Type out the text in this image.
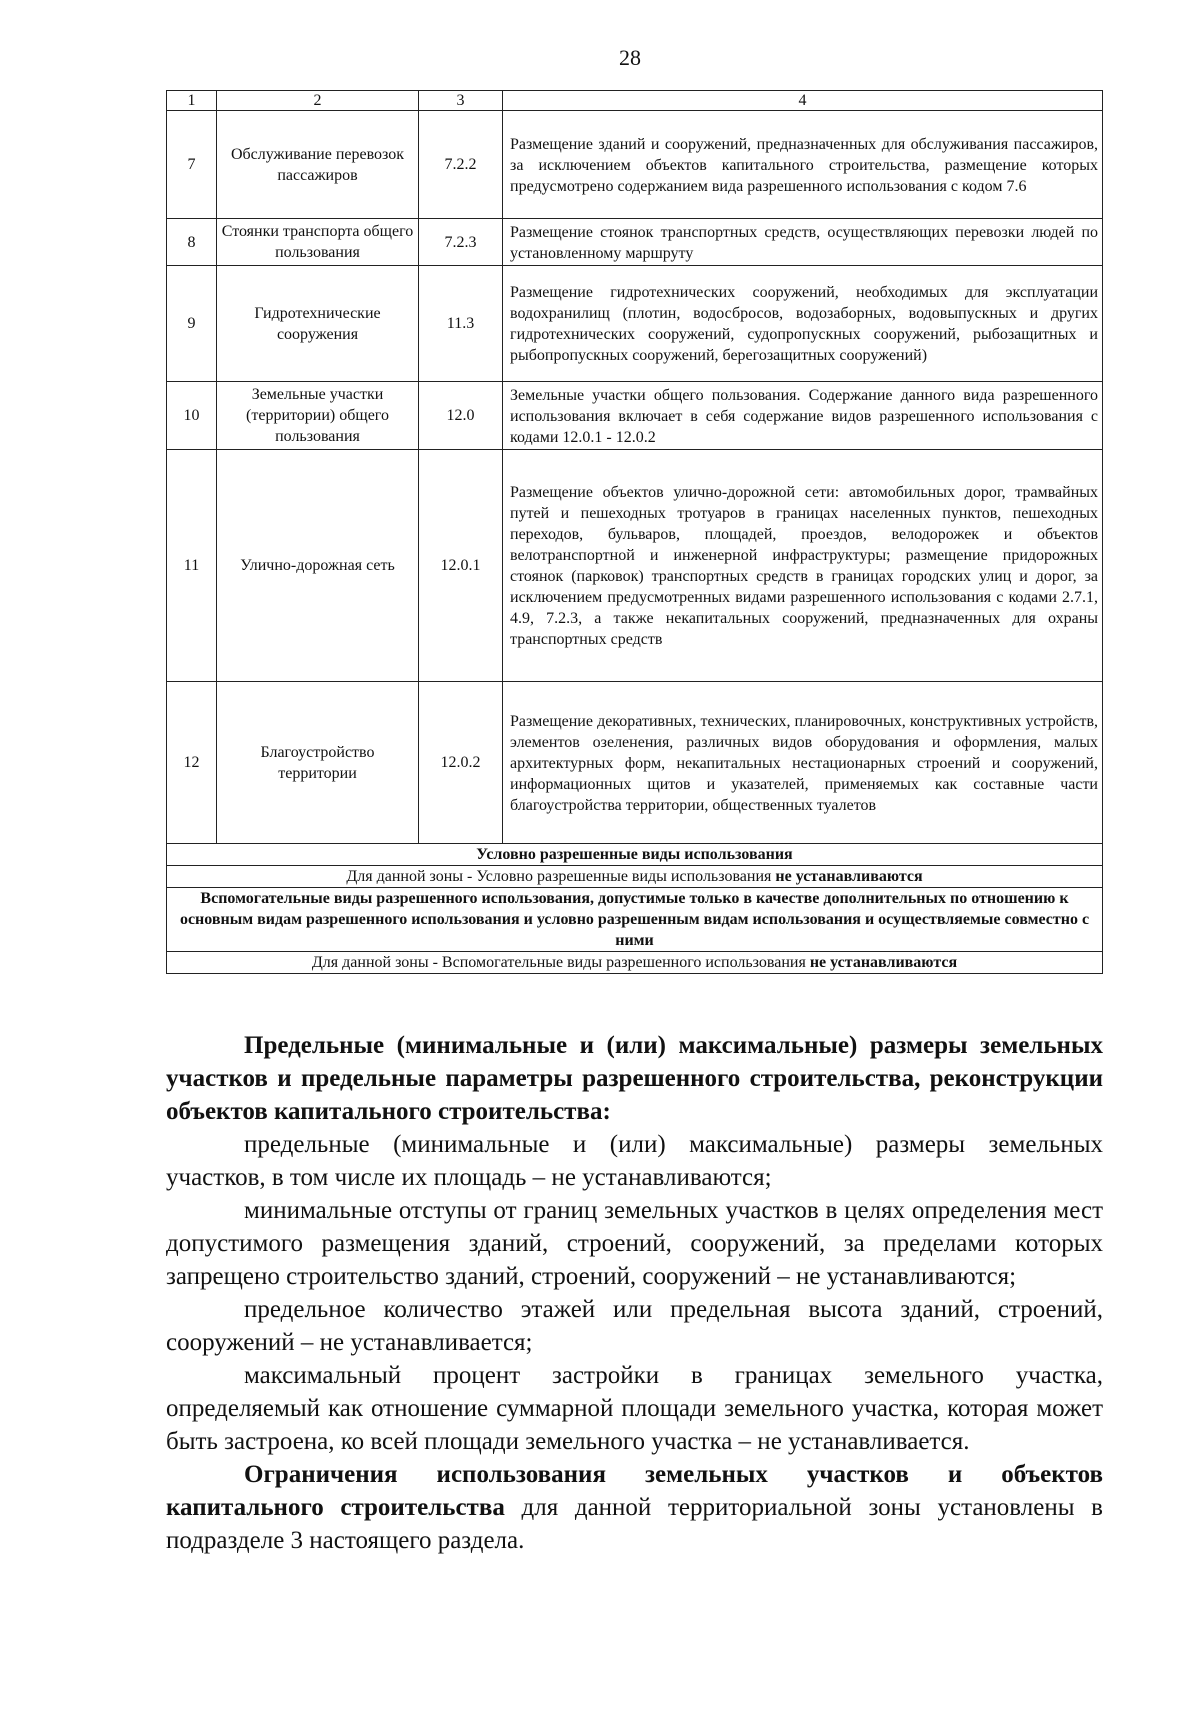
28
1	2	3	4
7	Обслуживание перевозок пассажиров	7.2.2	Размещение зданий и сооружений, предназначенных для обслуживания пассажиров, за исключением объектов капитального строительства, размещение которых предусмотрено содержанием вида разрешенного использования с кодом 7.6
8	Стоянки транспорта общего пользования	7.2.3	Размещение стоянок транспортных средств, осуществляющих перевозки людей по установленному маршруту
9	Гидротехнические сооружения	11.3	Размещение гидротехнических сооружений, необходимых для эксплуатации водохранилищ (плотин, водосбросов, водозаборных, водовыпускных и других гидротехнических сооружений, судопропускных сооружений, рыбозащитных и рыбопропускных сооружений, берегозащитных сооружений)
10	Земельные участки (территории) общего пользования	12.0	Земельные участки общего пользования. Содержание данного вида разрешенного использования включает в себя содержание видов разрешенного использования с кодами 12.0.1 - 12.0.2
11	Улично-дорожная сеть	12.0.1	Размещение объектов улично-дорожной сети: автомобильных дорог, трамвайных путей и пешеходных тротуаров в границах населенных пунктов, пешеходных переходов, бульваров, площадей, проездов, велодорожек и объектов велотранспортной и инженерной инфраструктуры; размещение придорожных стоянок (парковок) транспортных средств в границах городских улиц и дорог, за исключением предусмотренных видами разрешенного использования с кодами 2.7.1, 4.9, 7.2.3, а также некапитальных сооружений, предназначенных для охраны транспортных средств
12	Благоустройство территории	12.0.2	Размещение декоративных, технических, планировочных, конструктивных устройств, элементов озеленения, различных видов оборудования и оформления, малых архитектурных форм, некапитальных нестационарных строений и сооружений, информационных щитов и указателей, применяемых как составные части благоустройства территории, общественных туалетов
Условно разрешенные виды использования			
Для данной зоны - Условно разрешенные виды использования не устанавливаются			
Вспомогательные виды разрешенного использования, допустимые только в качестве дополнительных по отношению к основным видам разрешенного использования и условно разрешенным видам использования и осуществляемые совместно с ними			
Для данной зоны - Вспомогательные виды разрешенного использования не устанавливаются			

Предельные (минимальные и (или) максимальные) размеры земельных участков и предельные параметры разрешенного строительства, реконструкции объектов капитального строительства:

предельные (минимальные и (или) максимальные) размеры земельных участков, в том числе их площадь – не устанавливаются;

минимальные отступы от границ земельных участков в целях определения мест допустимого размещения зданий, строений, сооружений, за пределами которых запрещено строительство зданий, строений, сооружений – не устанавливаются;

предельное количество этажей или предельная высота зданий, строений, сооружений – не устанавливается;

максимальный процент застройки в границах земельного участка, определяемый как отношение суммарной площади земельного участка, которая может быть застроена, ко всей площади земельного участка – не устанавливается.

Ограничения использования земельных участков и объектов капитального строительства для данной территориальной зоны установлены в подразделе 3 настоящего раздела.
